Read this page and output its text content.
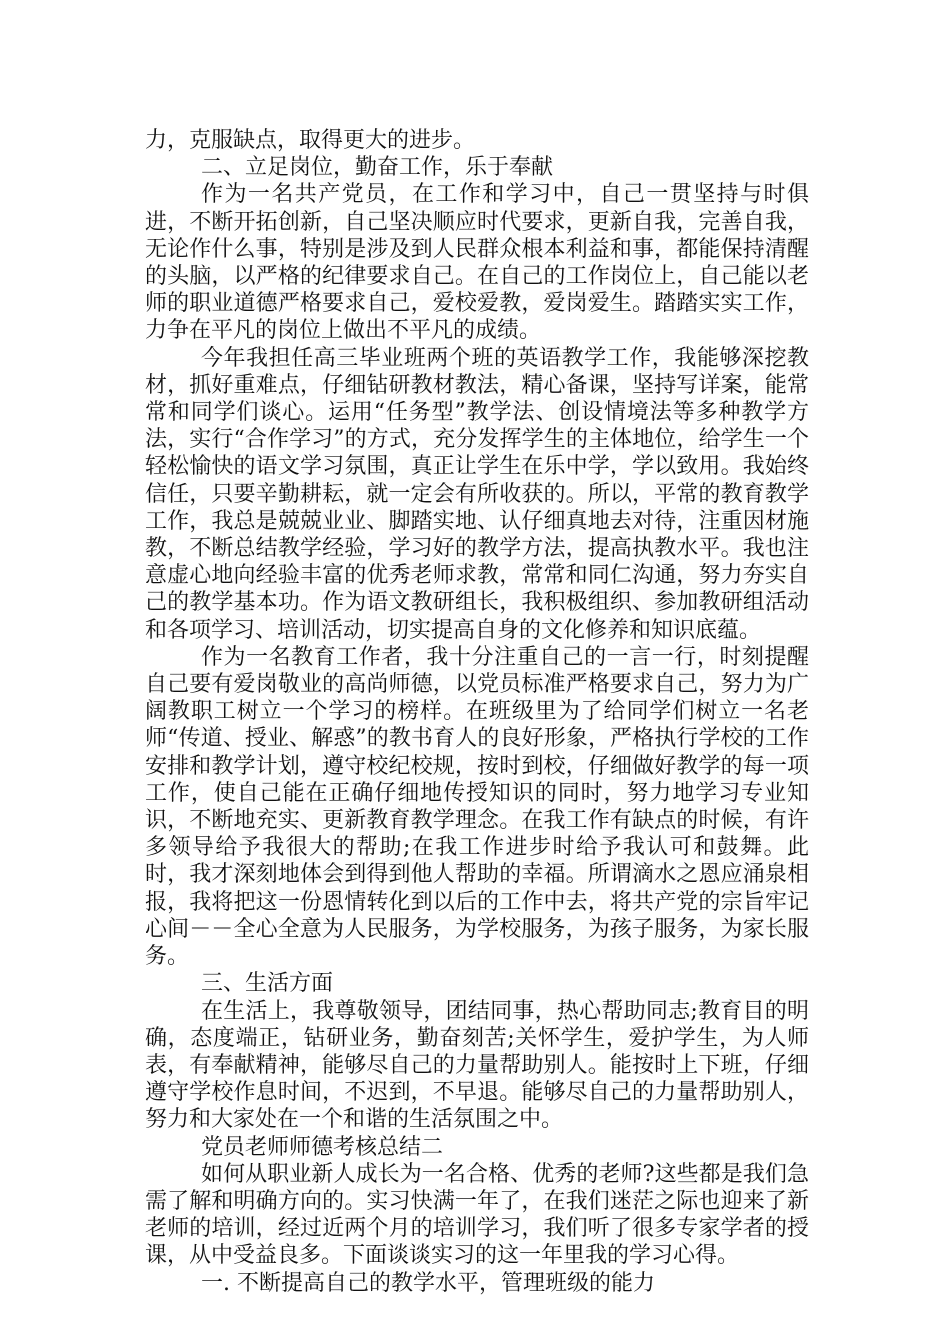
力，克服缺点，取得更大的进步。

二、立足岗位，勤奋工作，乐于奉献

作为一名共产党员，在工作和学习中，自己一贯坚持与时俱进，不断开拓创新，自己坚决顺应时代要求，更新自我，完善自我，无论作什么事，特别是涉及到人民群众根本利益和事，都能保持清醒的头脑，以严格的纪律要求自己。在自己的工作岗位上，自己能以老师的职业道德严格要求自己，爱校爱教，爱岗爱生。踏踏实实工作，力争在平凡的岗位上做出不平凡的成绩。

今年我担任高三毕业班两个班的英语教学工作，我能够深挖教材，抓好重难点，仔细钻研教材教法，精心备课，坚持写详案，能常常和同学们谈心。运用“任务型”教学法、创设情境法等多种教学方法，实行“合作学习”的方式，充分发挥学生的主体地位，给学生一个轻松愉快的语文学习氛围，真正让学生在乐中学，学以致用。我始终信任，只要辛勤耕耘，就一定会有所收获的。所以，平常的教育教学工作，我总是兢兢业业、脚踏实地、认仔细真地去对待，注重因材施教，不断总结教学经验，学习好的教学方法，提高执教水平。我也注意虚心地向经验丰富的优秀老师求教，常常和同仁沟通，努力夯实自己的教学基本功。作为语文教研组长，我积极组织、参加教研组活动和各项学习、培训活动，切实提高自身的文化修养和知识底蕴。

作为一名教育工作者，我十分注重自己的一言一行，时刻提醒自己要有爱岗敬业的高尚师德，以党员标准严格要求自己，努力为广阔教职工树立一个学习的榜样。在班级里为了给同学们树立一名老师“传道、授业、解惑”的教书育人的良好形象，严格执行学校的工作安排和教学计划，遵守校纪校规，按时到校，仔细做好教学的每一项工作，使自己能在正确仔细地传授知识的同时，努力地学习专业知识，不断地充实、更新教育教学理念。在我工作有缺点的时候，有许多领导给予我很大的帮助;在我工作进步时给予我认可和鼓舞。此时，我才深刻地体会到得到他人帮助的幸福。所谓滴水之恩应涌泉相报，我将把这一份恩情转化到以后的工作中去，将共产党的宗旨牢记心间－－全心全意为人民服务，为学校服务，为孩子服务，为家长服务。

三、生活方面

在生活上，我尊敬领导，团结同事，热心帮助同志;教育目的明确，态度端正，钻研业务，勤奋刻苦;关怀学生，爱护学生，为人师表，有奉献精神，能够尽自己的力量帮助别人。能按时上下班，仔细遵守学校作息时间，不迟到，不早退。能够尽自己的力量帮助别人，努力和大家处在一个和谐的生活氛围之中。

党员老师师德考核总结二

如何从职业新人成长为一名合格、优秀的老师?这些都是我们急需了解和明确方向的。实习快满一年了，在我们迷茫之际也迎来了新老师的培训，经过近两个月的培训学习，我们听了很多专家学者的授课，从中受益良多。下面谈谈实习的这一年里我的学习心得。

一. 不断提高自己的教学水平，管理班级的能力
